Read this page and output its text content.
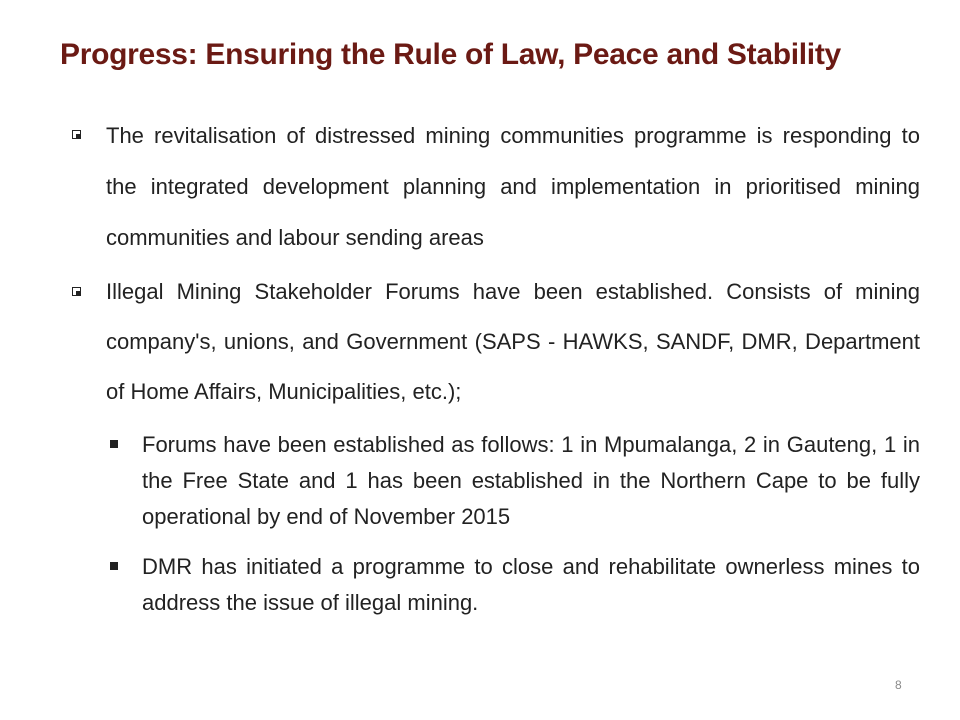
Progress: Ensuring the Rule of Law, Peace and Stability
The revitalisation of distressed mining communities programme is responding to the integrated development planning and implementation in prioritised mining communities and labour sending areas
Illegal Mining Stakeholder Forums have been established. Consists of mining company's, unions, and Government (SAPS - HAWKS, SANDF, DMR, Department of Home Affairs, Municipalities, etc.);
Forums have been established as follows: 1 in Mpumalanga, 2 in Gauteng, 1 in the Free State and 1 has been established in the Northern Cape to be fully operational by end of November 2015
DMR has initiated a programme to close and rehabilitate ownerless mines to address the issue of illegal mining.
8
